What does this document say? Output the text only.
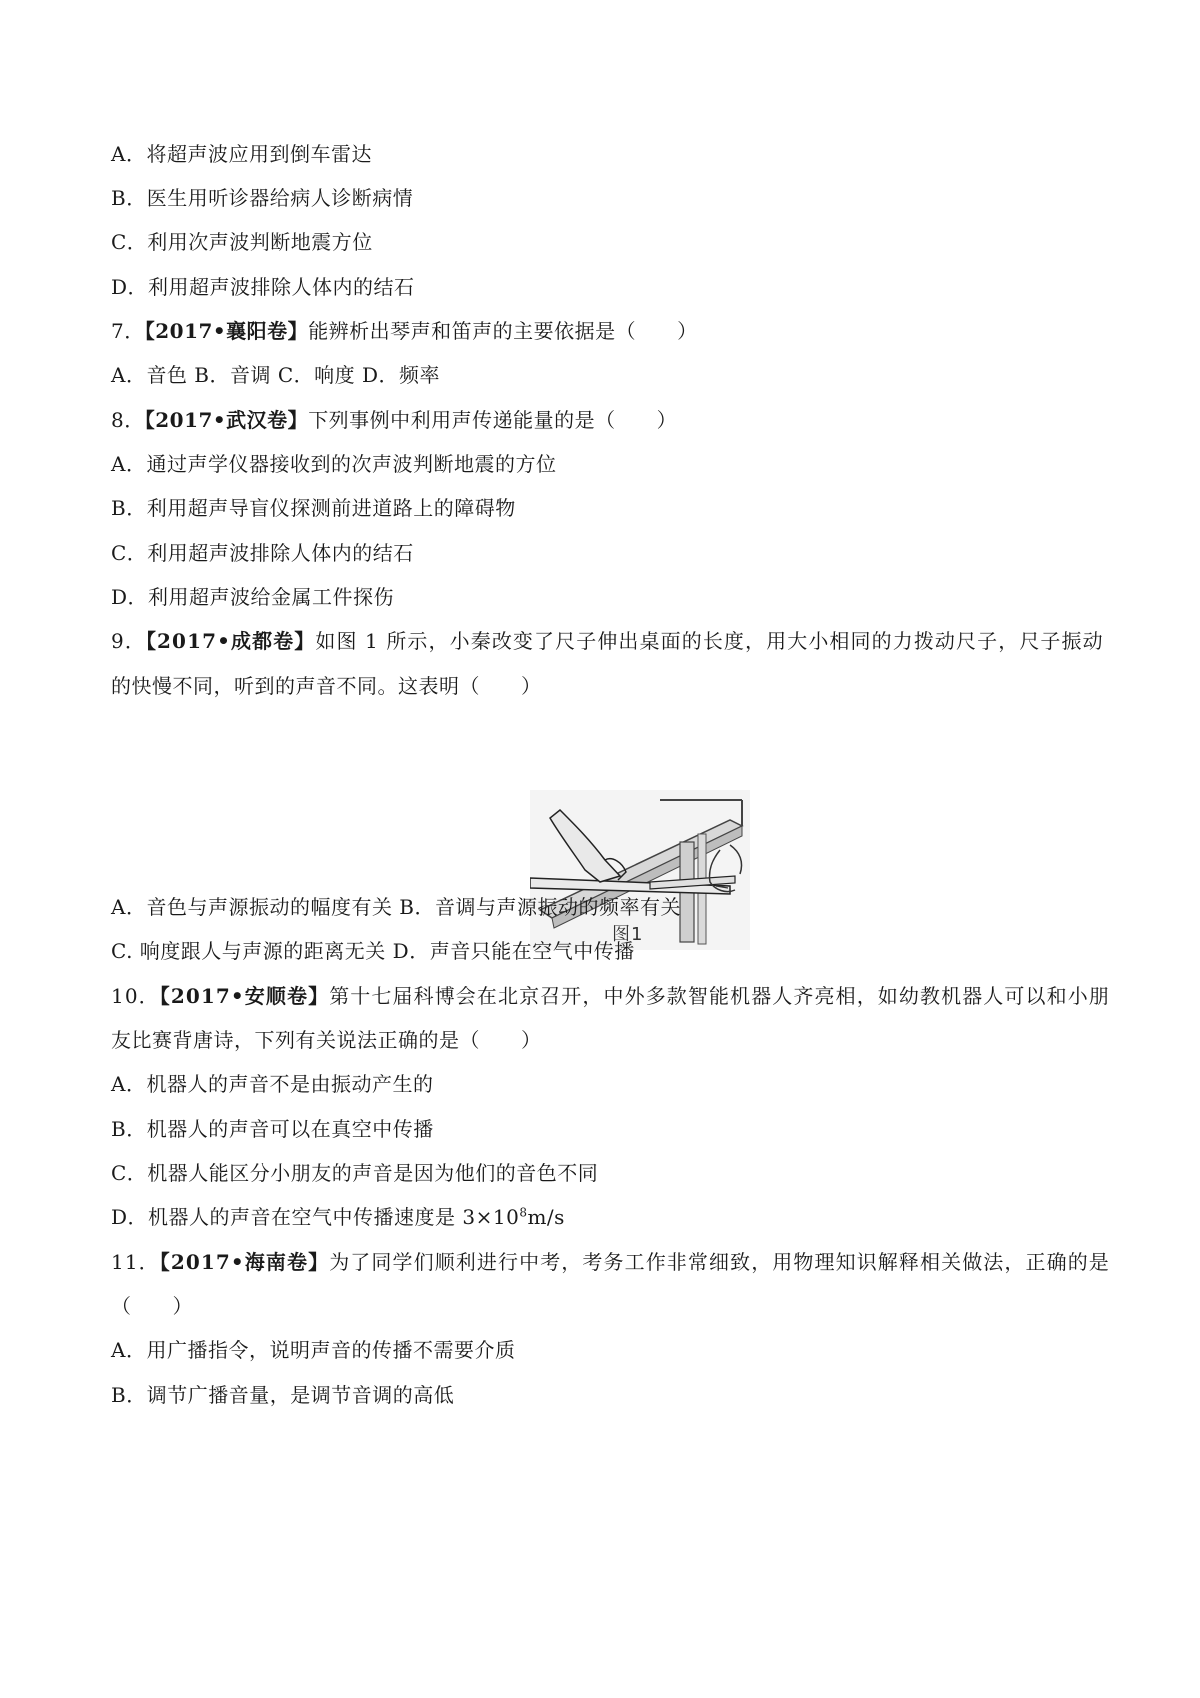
A．将超声波应用到倒车雷达
B．医生用听诊器给病人诊断病情
C．利用次声波判断地震方位
D．利用超声波排除人体内的结石
7．【2017•襄阳卷】能辨析出琴声和笛声的主要依据是（　　）
A．音色 B．音调 C．响度 D．频率
8．【2017•武汉卷】下列事例中利用声传递能量的是（　　）
A．通过声学仪器接收到的次声波判断地震的方位
B．利用超声导盲仪探测前进道路上的障碍物
C．利用超声波排除人体内的结石
D．利用超声波给金属工件探伤
9．【2017•成都卷】如图 1 所示，小秦改变了尺子伸出桌面的长度，用大小相同的力拨动尺子，尺子振动
的快慢不同，听到的声音不同。这表明（　　）
图1
A．音色与声源振动的幅度有关 B．音调与声源振动的频率有关
C. 响度跟人与声源的距离无关 D．声音只能在空气中传播
10．【2017•安顺卷】第十七届科博会在北京召开，中外多款智能机器人齐亮相，如幼教机器人可以和小朋
友比赛背唐诗，下列有关说法正确的是（　　）
A．机器人的声音不是由振动产生的
B．机器人的声音可以在真空中传播
C．机器人能区分小朋友的声音是因为他们的音色不同
D．机器人的声音在空气中传播速度是 $3\times 10^8m/s$
11．【2017•海南卷】为了同学们顺利进行中考，考务工作非常细致，用物理知识解释相关做法，正确的是
（　　）
A．用广播指令，说明声音的传播不需要介质
B．调节广播音量，是调节音调的高低
